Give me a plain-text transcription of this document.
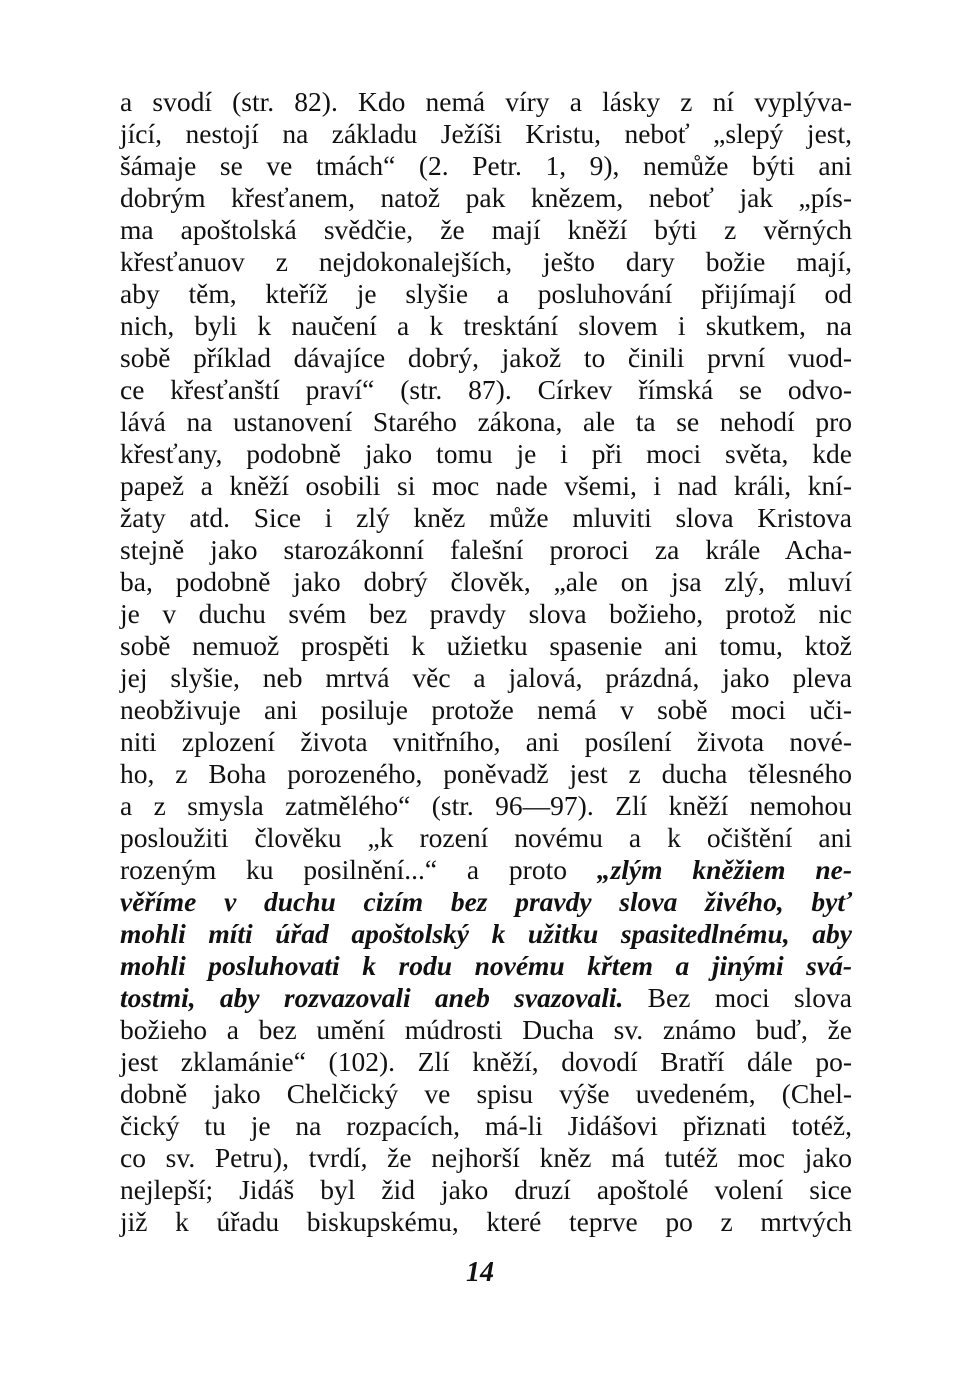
a svodí (str. 82). Kdo nemá víry a lásky z ní vyplýva-
jící, nestojí na základu Ježíši Kristu, neboť „slepý jest,
šámaje se ve tmách“ (2. Petr. 1, 9), nemůže býti ani
dobrým křesťanem, natož pak knězem, neboť jak „pís-
ma apoštolská svědčie, že mají kněží býti z věrných
křesťanuov z nejdokonalejších, ješto dary božie mají,
aby těm, kteříž je slyšie a posluhování přijímají od
nich, byli k naučení a k tresktání slovem i skutkem, na
sobě příklad dávajíce dobrý, jakož to činili první vuod-
ce křesťanští praví“ (str. 87). Církev římská se odvo-
lává na ustanovení Starého zákona, ale ta se nehodí pro
křesťany, podobně jako tomu je i při moci světa, kde
papež a kněží osobili si moc nade všemi, i nad králi, kní-
žaty atd. Sice i zlý kněz může mluviti slova Kristova
stejně jako starozákonní falešní proroci za krále Acha-
ba, podobně jako dobrý člověk, „ale on jsa zlý, mluví
je v duchu svém bez pravdy slova božieho, protož nic
sobě nemuož prospěti k užietku spasenie ani tomu, ktož
jej slyšie, neb mrtvá věc a jalová, prázdná, jako pleva
neobživuje ani posiluje protože nemá v sobě moci uči-
niti zplození života vnitřního, ani posílení života nové-
ho, z Boha porozeného, poněvadž jest z ducha tělesného
a z smysla zatmělého“ (str. 96—97). Zlí kněží nemohou
posloužiti člověku „k rození novému a k očištění ani
rozeným ku posilnění...“ a proto „zlým kněžiem ne-
věříme v duchu cizím bez pravdy slova živého, byť
mohli míti úřad apoštolský k užitku spasitedlnému, aby
mohli posluhovati k rodu novému křtem a jinými svá-
tostmi, aby rozvazovali aneb svazovali. Bez moci slova
božieho a bez umění múdrosti Ducha sv. známo buď, že
jest zklamánie“ (102). Zlí kněží, dovodí Bratří dále po-
dobně jako Chelčický ve spisu výše uvedeném, (Chel-
čický tu je na rozpacích, má-li Jidášovi přiznati totéž,
co sv. Petru), tvrdí, že nejhorší kněz má tutéž moc jako
nejlepší; Jidáš byl žid jako druzí apoštolé volení sice
již k úřadu biskupskému, které teprve po z mrtvých
14
